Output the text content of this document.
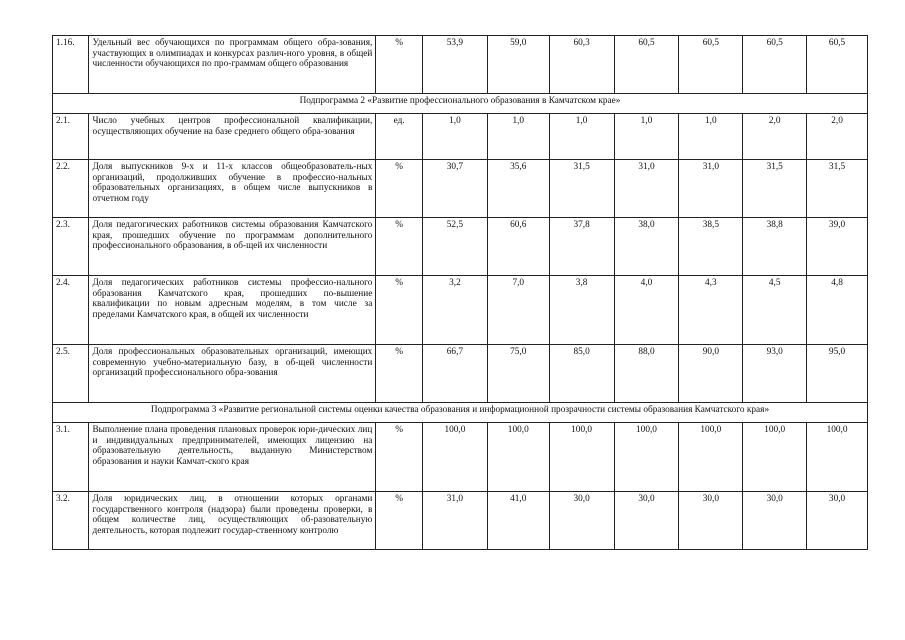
1.16.	Удельный вес обучающихся по программам общего обра-зования, участвующих в олимпиадах и конкурсах различ-ного уровня, в общей численности обучающихся по про-граммам общего образования	%	53,9	59,0	60,3	60,5	60,5	60,5	60,5
Подпрограмма 2 «Развитие профессионального образования в Камчатском крае»									
2.1.	Число учебных центров профессиональной квалификации, осуществляющих обучение на базе среднего общего обра-зования	ед.	1,0	1,0	1,0	1,0	1,0	2,0	2,0
2.2.	Доля выпускников 9-х и 11-х классов общеобразователь-ных организаций, продолживших обучение в профессио-нальных образовательных организациях, в общем числе выпускников в отчетном году	%	30,7	35,6	31,5	31,0	31,0	31,5	31,5
2.3.	Доля педагогических работников системы образования Камчатского края, прошедших обучение по программам дополнительного профессионального образования, в об-щей их численности	%	52,5	60,6	37,8	38,0	38,5	38,8	39,0
2.4.	Доля педагогических работников системы профессио-нального образования Камчатского края, прошедших по-вышение квалификации по новым адресным моделям, в том числе за пределами Камчатского края, в общей их численности	%	3,2	7,0	3,8	4,0	4,3	4,5	4,8
2.5.	Доля профессиональных образовательных организаций, имеющих современную учебно-материальную базу, в об-щей численности организаций профессионального обра-зования	%	66,7	75,0	85,0	88,0	90,0	93,0	95,0
Подпрограмма 3 «Развитие региональной системы оценки качества образования и информационной прозрачности системы образования Камчатского края»									
3.1.	Выполнение плана проведения плановых проверок юри-дических лиц и индивидуальных предпринимателей, имеющих лицензию на образовательную деятельность, выданную Министерством образования и науки Камчат-ского края	%	100,0	100,0	100,0	100,0	100,0	100,0	100,0
3.2.	Доля юридических лиц, в отношении которых органами государственного контроля (надзора) были проведены проверки, в общем количестве лиц, осуществляющих об-разовательную деятельность, которая подлежит государ-ственному контролю	%	31,0	41,0	30,0	30,0	30,0	30,0	30,0
